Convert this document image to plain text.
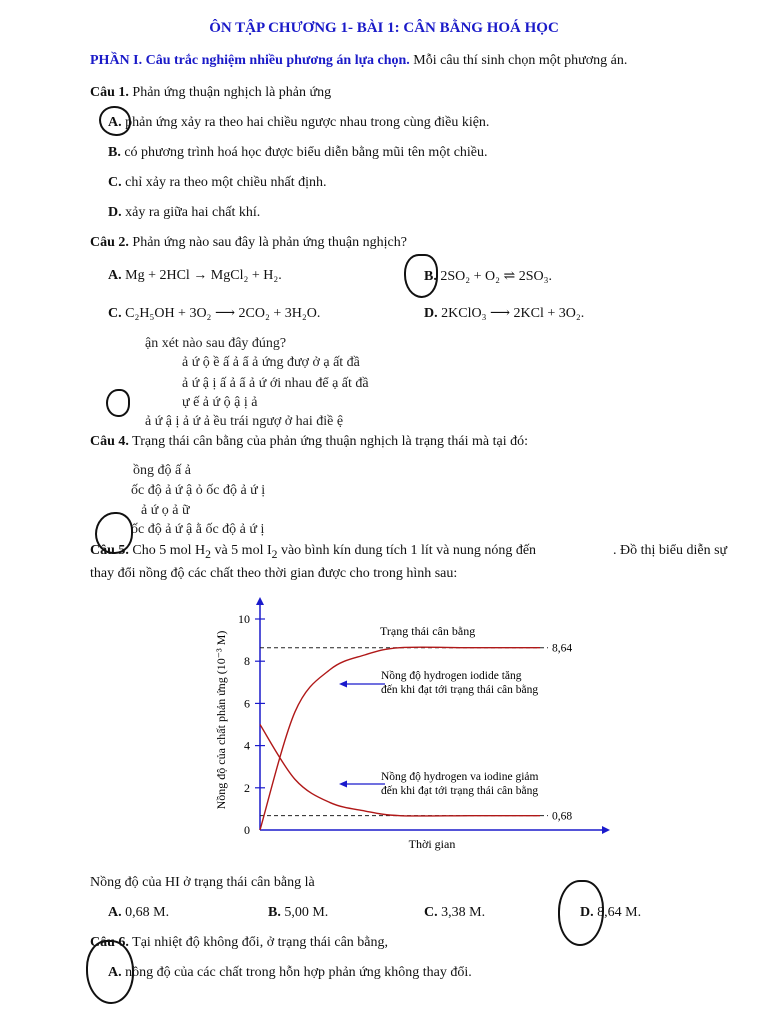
ÔN TẬP CHƯƠNG 1- BÀI 1: CÂN BẰNG HOÁ HỌC
PHẦN I. Câu trắc nghiệm nhiều phương án lựa chọn. Mỗi câu thí sinh chọn một phương án.
Câu 1. Phản ứng thuận nghịch là phản ứng
A. phản ứng xảy ra theo hai chiều ngược nhau trong cùng điều kiện.
B. có phương trình hoá học được biểu diễn bằng mũi tên một chiều.
C. chỉ xảy ra theo một chiều nhất định.
D. xảy ra giữa hai chất khí.
Câu 2. Phản ứng nào sau đây là phản ứng thuận nghịch?
A. Mg + 2HCl → MgCl₂ + H₂.	B. 2SO₂ + O₂ ⇌ 2SO₃.
C. C₂H₅OH + 3O₂ ⟶ 2CO₂ + 3H₂O.	D. 2KClO₃ ⟶ 2KCl + 3O₂.
ận xét nào sau đây đúng?
ả ứ ộ ề ấ ả ẩ ả ứng đượ ở ạ ất đầ
ả ứ ậ ị ấ ả ẩ ả ứ ới nhau để ạ ất đầ
ự ế ả ứ ộ ậ ị ả
ả ứ ậ ị ả ứ ả ều trái ngượ ở hai điề ệ
Câu 4. Trạng thái cân bằng của phản ứng thuận nghịch là trạng thái mà tại đó:
ồng độ ấ ả
ốc độ ả ứ ậ ỏ ốc độ ả ứ ị
ả ứ ọ ả ữ
ốc độ ả ứ ậ ằ ốc độ ả ứ ị
Câu 5. Cho 5 mol $H_2$ và 5 mol $I_2$ vào bình kín dung tích 1 lít và nung nóng đến	. Đồ thị biểu diễn sự
thay đổi nồng độ các chất theo thời gian được cho trong hình sau:
Nồng độ của chất phản ứng (10⁻³ M)
0
2
4
6
8
10
8,64
0,68
Trạng thái cân bằng
Nồng độ hydrogen iodide tăng
đến khi đạt tới trạng thái cân bằng
Nồng độ hydrogen va iodine giảm
đến khi đạt tới trạng thái cân bằng
Thời gian
Nồng độ của HI ở trạng thái cân bằng là
A. 0,68 M.	B. 5,00 M.	C. 3,38 M.	D. 8,64 M.
Câu 6. Tại nhiệt độ không đổi, ở trạng thái cân bằng,
A. nồng độ của các chất trong hỗn hợp phản ứng không thay đổi.
